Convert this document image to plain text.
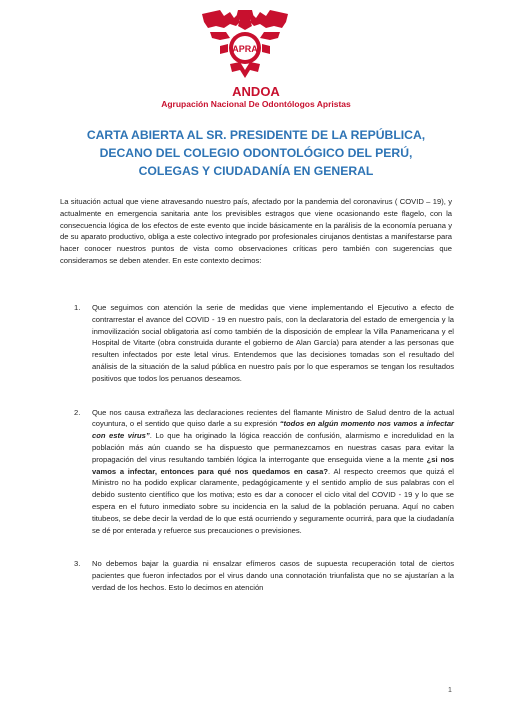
APRA
ANDOA
Agrupación Nacional De Odontólogos Apristas
CARTA ABIERTA AL SR. PRESIDENTE DE LA REPÚBLICA, DECANO DEL COLEGIO ODONTOLÓGICO DEL PERÚ, COLEGAS Y CIUDADANÍA EN GENERAL

La situación actual que viene atravesando nuestro país, afectado por la pandemia del coronavirus ( COVID – 19), y actualmente en emergencia sanitaria ante los previsibles estragos que viene ocasionando este flagelo, con la consecuencia lógica de los efectos de este evento que incide básicamente en la parálisis de la economía peruana y de su aparato productivo, obliga a este colectivo integrado por profesionales cirujanos dentistas a manifestarse para hacer conocer nuestros puntos de vista como observaciones críticas pero también con sugerencias que consideramos se deben atender. En este contexto decimos:

1. Que seguimos con atención la serie de medidas que viene implementando el Ejecutivo a efecto de contrarrestar el avance del COVID - 19 en nuestro país, con la declaratoria del estado de emergencia y la inmovilización social obligatoria así como también de la disposición de emplear la Villa Panamericana y el Hospital de Vitarte (obra construida durante el gobierno de Alan García) para atender a las personas que resulten infectados por este letal virus. Entendemos que las decisiones tomadas son el resultado del análisis de la situación de la salud pública en nuestro país por lo que esperamos se tengan los resultados positivos que todos los peruanos deseamos.
2. Que nos causa extrañeza las declaraciones recientes del flamante Ministro de Salud dentro de la actual coyuntura, o el sentido que quiso darle a su expresión “todos en algún momento nos vamos a infectar con este virus”. Lo que ha originado la lógica reacción de confusión, alarmismo e incredulidad en la población más aún cuando se ha dispuesto que permanezcamos en nuestras casas para evitar la propagación del virus resultando también lógica la interrogante que enseguida viene a la mente ¿si nos vamos a infectar, entonces para qué nos quedamos en casa?. Al respecto creemos que quizá el Ministro no ha podido explicar claramente, pedagógicamente y el sentido amplio de sus palabras con el debido sustento científico que los motiva; esto es dar a conocer el ciclo vital del COVID - 19 y lo que se espera en el futuro inmediato sobre su incidencia en la salud de la población peruana. Aquí no caben titubeos, se debe decir la verdad de lo que está ocurriendo y seguramente ocurrirá, para que la ciudadanía se dé por enterada y refuerce sus precauciones o previsiones.
3. No debemos bajar la guardia ni ensalzar efímeros casos de supuesta recuperación total de ciertos pacientes que fueron infectados por el virus dando una connotación triunfalista que no se ajustarían a la verdad de los hechos. Esto lo decimos en atención
1
